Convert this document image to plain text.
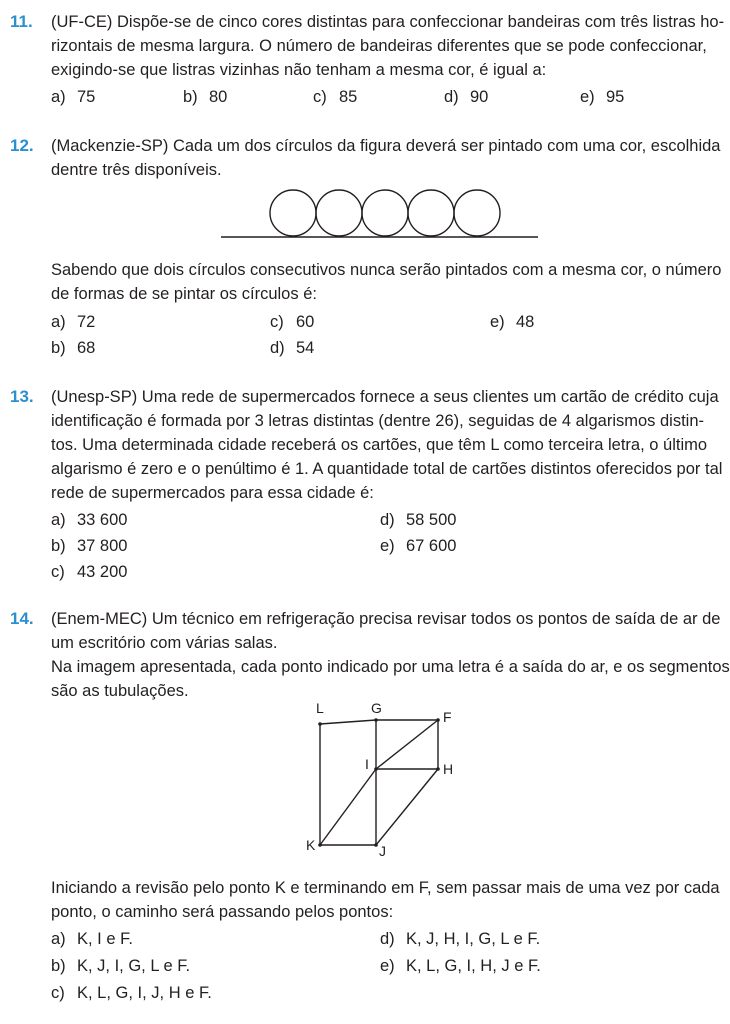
11. (UF-CE) Dispõe-se de cinco cores distintas para confeccionar bandeiras com três listras ho-
rizontais de mesma largura. O número de bandeiras diferentes que se pode confeccionar,
exigindo-se que listras vizinhas não tenham a mesma cor, é igual a:
a) 75	b) 80	c) 85	d) 90	e) 95
12. (Mackenzie-SP) Cada um dos círculos da figura deverá ser pintado com uma cor, escolhida
dentre três disponíveis.
Sabendo que dois círculos consecutivos nunca serão pintados com a mesma cor, o número
de formas de se pintar os círculos é:
a) 72	c) 60	e) 48
b) 68	d) 54
13. (Unesp-SP) Uma rede de supermercados fornece a seus clientes um cartão de crédito cuja
identificação é formada por 3 letras distintas (dentre 26), seguidas de 4 algarismos distin-
tos. Uma determinada cidade receberá os cartões, que têm L como terceira letra, o último
algarismo é zero e o penúltimo é 1. A quantidade total de cartões distintos oferecidos por tal
rede de supermercados para essa cidade é:
a) 33 600	d) 58 500
b) 37 800	e) 67 600
c) 43 200
14. (Enem-MEC) Um técnico em refrigeração precisa revisar todos os pontos de saída de ar de
um escritório com várias salas.
Na imagem apresentada, cada ponto indicado por uma letra é a saída do ar, e os segmentos
são as tubulações.
L	G
F
I	H
K	J
Iniciando a revisão pelo ponto K e terminando em F, sem passar mais de uma vez por cada
ponto, o caminho será passando pelos pontos:
a) K, I e F.	d) K, J, H, I, G, L e F.
b) K, J, I, G, L e F.	e) K, L, G, I, H, J e F.
c) K, L, G, I, J, H e F.
